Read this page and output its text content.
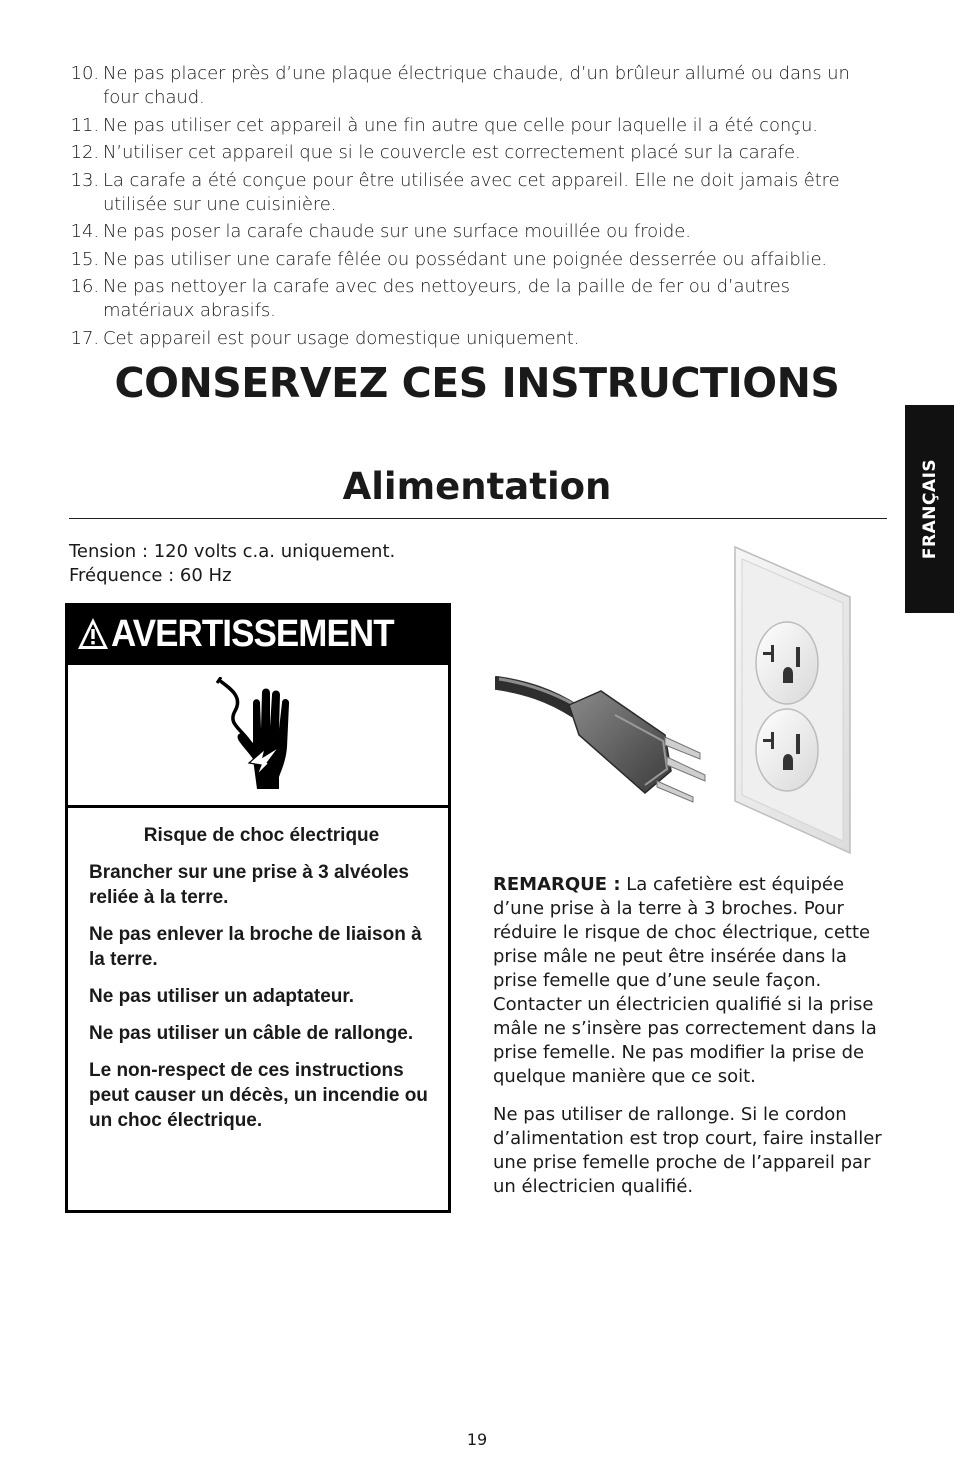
10. Ne pas placer près d’une plaque électrique chaude, d’un brûleur allumé ou dans un four chaud.
11. Ne pas utiliser cet appareil à une fin autre que celle pour laquelle il a été conçu.
12. N’utiliser cet appareil que si le couvercle est correctement placé sur la carafe.
13. La carafe a été conçue pour être utilisée avec cet appareil. Elle ne doit jamais être utilisée sur une cuisinière.
14. Ne pas poser la carafe chaude sur une surface mouillée ou froide.
15. Ne pas utiliser une carafe fêlée ou possédant une poignée desserrée ou affaiblie.
16. Ne pas nettoyer la carafe avec des nettoyeurs, de la paille de fer ou d’autres matériaux abrasifs.
17. Cet appareil est pour usage domestique uniquement.
CONSERVEZ CES INSTRUCTIONS
Alimentation	FRANÇAIS
Tension : 120 volts c.a. uniquement.
Fréquence : 60 Hz
AVERTISSEMENT

Risque de choc électrique

Brancher sur une prise à 3 alvéoles reliée à la terre.

Ne pas enlever la broche de liaison à la terre.

Ne pas utiliser un adaptateur.

Ne pas utiliser un câble de rallonge.

Le non-respect de ces instructions peut causer un décès, un incendie ou un choc électrique.

REMARQUE : La cafetière est équipée d’une prise à la terre à 3 broches. Pour réduire le risque de choc électrique, cette prise mâle ne peut être insérée dans la prise femelle que d’une seule façon. Contacter un électricien qualifié si la prise mâle ne s’insère pas correctement dans la prise femelle. Ne pas modifier la prise de quelque manière que ce soit.

Ne pas utiliser de rallonge. Si le cordon d’alimentation est trop court, faire installer une prise femelle proche de l’appareil par un électricien qualifié.

19
